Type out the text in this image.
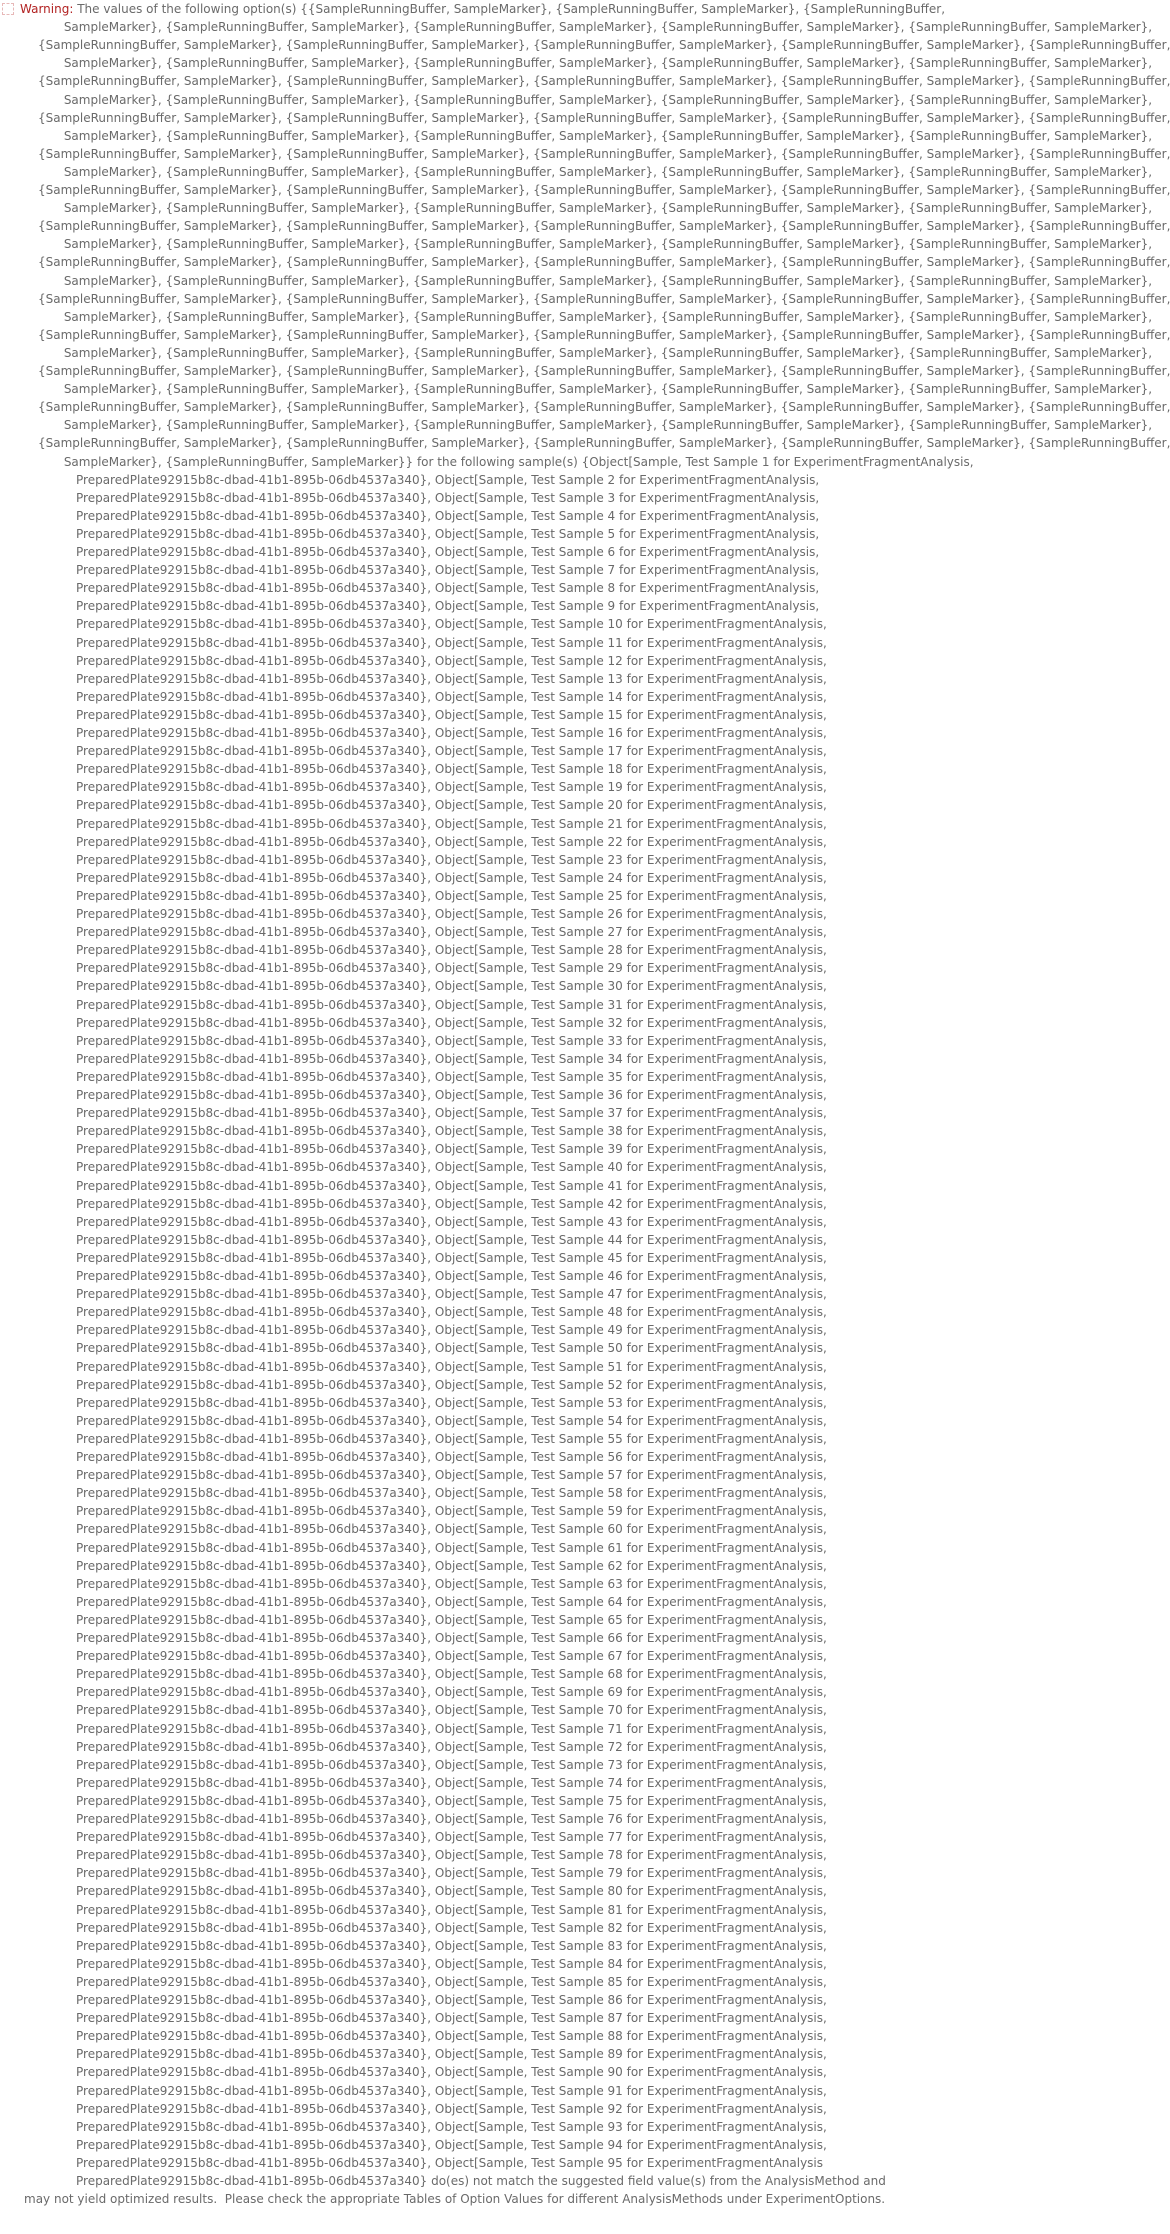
Warning: The values of the following option(s) {{SampleRunningBuffer, SampleMarker}, {SampleRunningBuffer, SampleMarker}, {SampleRunningBuffer,
SampleMarker}, {SampleRunningBuffer, SampleMarker}, {SampleRunningBuffer, SampleMarker}, {SampleRunningBuffer, SampleMarker}, {SampleRunningBuffer, SampleMarker},
{SampleRunningBuffer, SampleMarker}, {SampleRunningBuffer, SampleMarker}, {SampleRunningBuffer, SampleMarker}, {SampleRunningBuffer, SampleMarker}, {SampleRunningBuffer,
SampleMarker}, {SampleRunningBuffer, SampleMarker}, {SampleRunningBuffer, SampleMarker}, {SampleRunningBuffer, SampleMarker}, {SampleRunningBuffer, SampleMarker},
{SampleRunningBuffer, SampleMarker}, {SampleRunningBuffer, SampleMarker}, {SampleRunningBuffer, SampleMarker}, {SampleRunningBuffer, SampleMarker}, {SampleRunningBuffer,
SampleMarker}, {SampleRunningBuffer, SampleMarker}, {SampleRunningBuffer, SampleMarker}, {SampleRunningBuffer, SampleMarker}, {SampleRunningBuffer, SampleMarker},
{SampleRunningBuffer, SampleMarker}, {SampleRunningBuffer, SampleMarker}, {SampleRunningBuffer, SampleMarker}, {SampleRunningBuffer, SampleMarker}, {SampleRunningBuffer,
SampleMarker}, {SampleRunningBuffer, SampleMarker}, {SampleRunningBuffer, SampleMarker}, {SampleRunningBuffer, SampleMarker}, {SampleRunningBuffer, SampleMarker},
{SampleRunningBuffer, SampleMarker}, {SampleRunningBuffer, SampleMarker}, {SampleRunningBuffer, SampleMarker}, {SampleRunningBuffer, SampleMarker}, {SampleRunningBuffer,
SampleMarker}, {SampleRunningBuffer, SampleMarker}, {SampleRunningBuffer, SampleMarker}, {SampleRunningBuffer, SampleMarker}, {SampleRunningBuffer, SampleMarker},
{SampleRunningBuffer, SampleMarker}, {SampleRunningBuffer, SampleMarker}, {SampleRunningBuffer, SampleMarker}, {SampleRunningBuffer, SampleMarker}, {SampleRunningBuffer,
SampleMarker}, {SampleRunningBuffer, SampleMarker}, {SampleRunningBuffer, SampleMarker}, {SampleRunningBuffer, SampleMarker}, {SampleRunningBuffer, SampleMarker},
{SampleRunningBuffer, SampleMarker}, {SampleRunningBuffer, SampleMarker}, {SampleRunningBuffer, SampleMarker}, {SampleRunningBuffer, SampleMarker}, {SampleRunningBuffer,
SampleMarker}, {SampleRunningBuffer, SampleMarker}, {SampleRunningBuffer, SampleMarker}, {SampleRunningBuffer, SampleMarker}, {SampleRunningBuffer, SampleMarker},
{SampleRunningBuffer, SampleMarker}, {SampleRunningBuffer, SampleMarker}, {SampleRunningBuffer, SampleMarker}, {SampleRunningBuffer, SampleMarker}, {SampleRunningBuffer,
SampleMarker}, {SampleRunningBuffer, SampleMarker}, {SampleRunningBuffer, SampleMarker}, {SampleRunningBuffer, SampleMarker}, {SampleRunningBuffer, SampleMarker},
{SampleRunningBuffer, SampleMarker}, {SampleRunningBuffer, SampleMarker}, {SampleRunningBuffer, SampleMarker}, {SampleRunningBuffer, SampleMarker}, {SampleRunningBuffer,
SampleMarker}, {SampleRunningBuffer, SampleMarker}, {SampleRunningBuffer, SampleMarker}, {SampleRunningBuffer, SampleMarker}, {SampleRunningBuffer, SampleMarker},
{SampleRunningBuffer, SampleMarker}, {SampleRunningBuffer, SampleMarker}, {SampleRunningBuffer, SampleMarker}, {SampleRunningBuffer, SampleMarker}, {SampleRunningBuffer,
SampleMarker}, {SampleRunningBuffer, SampleMarker}, {SampleRunningBuffer, SampleMarker}, {SampleRunningBuffer, SampleMarker}, {SampleRunningBuffer, SampleMarker},
{SampleRunningBuffer, SampleMarker}, {SampleRunningBuffer, SampleMarker}, {SampleRunningBuffer, SampleMarker}, {SampleRunningBuffer, SampleMarker}, {SampleRunningBuffer,
SampleMarker}, {SampleRunningBuffer, SampleMarker}, {SampleRunningBuffer, SampleMarker}, {SampleRunningBuffer, SampleMarker}, {SampleRunningBuffer, SampleMarker},
{SampleRunningBuffer, SampleMarker}, {SampleRunningBuffer, SampleMarker}, {SampleRunningBuffer, SampleMarker}, {SampleRunningBuffer, SampleMarker}, {SampleRunningBuffer,
SampleMarker}, {SampleRunningBuffer, SampleMarker}, {SampleRunningBuffer, SampleMarker}, {SampleRunningBuffer, SampleMarker}, {SampleRunningBuffer, SampleMarker},
{SampleRunningBuffer, SampleMarker}, {SampleRunningBuffer, SampleMarker}, {SampleRunningBuffer, SampleMarker}, {SampleRunningBuffer, SampleMarker}, {SampleRunningBuffer,
SampleMarker}, {SampleRunningBuffer, SampleMarker}} for the following sample(s) {Object[Sample, Test Sample 1 for ExperimentFragmentAnalysis,
PreparedPlate92915b8c-dbad-41b1-895b-06db4537a340}, Object[Sample, Test Sample 2 for ExperimentFragmentAnalysis,
PreparedPlate92915b8c-dbad-41b1-895b-06db4537a340}, Object[Sample, Test Sample 3 for ExperimentFragmentAnalysis,
PreparedPlate92915b8c-dbad-41b1-895b-06db4537a340}, Object[Sample, Test Sample 4 for ExperimentFragmentAnalysis,
PreparedPlate92915b8c-dbad-41b1-895b-06db4537a340}, Object[Sample, Test Sample 5 for ExperimentFragmentAnalysis,
PreparedPlate92915b8c-dbad-41b1-895b-06db4537a340}, Object[Sample, Test Sample 6 for ExperimentFragmentAnalysis,
PreparedPlate92915b8c-dbad-41b1-895b-06db4537a340}, Object[Sample, Test Sample 7 for ExperimentFragmentAnalysis,
PreparedPlate92915b8c-dbad-41b1-895b-06db4537a340}, Object[Sample, Test Sample 8 for ExperimentFragmentAnalysis,
PreparedPlate92915b8c-dbad-41b1-895b-06db4537a340}, Object[Sample, Test Sample 9 for ExperimentFragmentAnalysis,
PreparedPlate92915b8c-dbad-41b1-895b-06db4537a340}, Object[Sample, Test Sample 10 for ExperimentFragmentAnalysis,
PreparedPlate92915b8c-dbad-41b1-895b-06db4537a340}, Object[Sample, Test Sample 11 for ExperimentFragmentAnalysis,
PreparedPlate92915b8c-dbad-41b1-895b-06db4537a340}, Object[Sample, Test Sample 12 for ExperimentFragmentAnalysis,
PreparedPlate92915b8c-dbad-41b1-895b-06db4537a340}, Object[Sample, Test Sample 13 for ExperimentFragmentAnalysis,
PreparedPlate92915b8c-dbad-41b1-895b-06db4537a340}, Object[Sample, Test Sample 14 for ExperimentFragmentAnalysis,
PreparedPlate92915b8c-dbad-41b1-895b-06db4537a340}, Object[Sample, Test Sample 15 for ExperimentFragmentAnalysis,
PreparedPlate92915b8c-dbad-41b1-895b-06db4537a340}, Object[Sample, Test Sample 16 for ExperimentFragmentAnalysis,
PreparedPlate92915b8c-dbad-41b1-895b-06db4537a340}, Object[Sample, Test Sample 17 for ExperimentFragmentAnalysis,
PreparedPlate92915b8c-dbad-41b1-895b-06db4537a340}, Object[Sample, Test Sample 18 for ExperimentFragmentAnalysis,
PreparedPlate92915b8c-dbad-41b1-895b-06db4537a340}, Object[Sample, Test Sample 19 for ExperimentFragmentAnalysis,
PreparedPlate92915b8c-dbad-41b1-895b-06db4537a340}, Object[Sample, Test Sample 20 for ExperimentFragmentAnalysis,
PreparedPlate92915b8c-dbad-41b1-895b-06db4537a340}, Object[Sample, Test Sample 21 for ExperimentFragmentAnalysis,
PreparedPlate92915b8c-dbad-41b1-895b-06db4537a340}, Object[Sample, Test Sample 22 for ExperimentFragmentAnalysis,
PreparedPlate92915b8c-dbad-41b1-895b-06db4537a340}, Object[Sample, Test Sample 23 for ExperimentFragmentAnalysis,
PreparedPlate92915b8c-dbad-41b1-895b-06db4537a340}, Object[Sample, Test Sample 24 for ExperimentFragmentAnalysis,
PreparedPlate92915b8c-dbad-41b1-895b-06db4537a340}, Object[Sample, Test Sample 25 for ExperimentFragmentAnalysis,
PreparedPlate92915b8c-dbad-41b1-895b-06db4537a340}, Object[Sample, Test Sample 26 for ExperimentFragmentAnalysis,
PreparedPlate92915b8c-dbad-41b1-895b-06db4537a340}, Object[Sample, Test Sample 27 for ExperimentFragmentAnalysis,
PreparedPlate92915b8c-dbad-41b1-895b-06db4537a340}, Object[Sample, Test Sample 28 for ExperimentFragmentAnalysis,
PreparedPlate92915b8c-dbad-41b1-895b-06db4537a340}, Object[Sample, Test Sample 29 for ExperimentFragmentAnalysis,
PreparedPlate92915b8c-dbad-41b1-895b-06db4537a340}, Object[Sample, Test Sample 30 for ExperimentFragmentAnalysis,
PreparedPlate92915b8c-dbad-41b1-895b-06db4537a340}, Object[Sample, Test Sample 31 for ExperimentFragmentAnalysis,
PreparedPlate92915b8c-dbad-41b1-895b-06db4537a340}, Object[Sample, Test Sample 32 for ExperimentFragmentAnalysis,
PreparedPlate92915b8c-dbad-41b1-895b-06db4537a340}, Object[Sample, Test Sample 33 for ExperimentFragmentAnalysis,
PreparedPlate92915b8c-dbad-41b1-895b-06db4537a340}, Object[Sample, Test Sample 34 for ExperimentFragmentAnalysis,
PreparedPlate92915b8c-dbad-41b1-895b-06db4537a340}, Object[Sample, Test Sample 35 for ExperimentFragmentAnalysis,
PreparedPlate92915b8c-dbad-41b1-895b-06db4537a340}, Object[Sample, Test Sample 36 for ExperimentFragmentAnalysis,
PreparedPlate92915b8c-dbad-41b1-895b-06db4537a340}, Object[Sample, Test Sample 37 for ExperimentFragmentAnalysis,
PreparedPlate92915b8c-dbad-41b1-895b-06db4537a340}, Object[Sample, Test Sample 38 for ExperimentFragmentAnalysis,
PreparedPlate92915b8c-dbad-41b1-895b-06db4537a340}, Object[Sample, Test Sample 39 for ExperimentFragmentAnalysis,
PreparedPlate92915b8c-dbad-41b1-895b-06db4537a340}, Object[Sample, Test Sample 40 for ExperimentFragmentAnalysis,
PreparedPlate92915b8c-dbad-41b1-895b-06db4537a340}, Object[Sample, Test Sample 41 for ExperimentFragmentAnalysis,
PreparedPlate92915b8c-dbad-41b1-895b-06db4537a340}, Object[Sample, Test Sample 42 for ExperimentFragmentAnalysis,
PreparedPlate92915b8c-dbad-41b1-895b-06db4537a340}, Object[Sample, Test Sample 43 for ExperimentFragmentAnalysis,
PreparedPlate92915b8c-dbad-41b1-895b-06db4537a340}, Object[Sample, Test Sample 44 for ExperimentFragmentAnalysis,
PreparedPlate92915b8c-dbad-41b1-895b-06db4537a340}, Object[Sample, Test Sample 45 for ExperimentFragmentAnalysis,
PreparedPlate92915b8c-dbad-41b1-895b-06db4537a340}, Object[Sample, Test Sample 46 for ExperimentFragmentAnalysis,
PreparedPlate92915b8c-dbad-41b1-895b-06db4537a340}, Object[Sample, Test Sample 47 for ExperimentFragmentAnalysis,
PreparedPlate92915b8c-dbad-41b1-895b-06db4537a340}, Object[Sample, Test Sample 48 for ExperimentFragmentAnalysis,
PreparedPlate92915b8c-dbad-41b1-895b-06db4537a340}, Object[Sample, Test Sample 49 for ExperimentFragmentAnalysis,
PreparedPlate92915b8c-dbad-41b1-895b-06db4537a340}, Object[Sample, Test Sample 50 for ExperimentFragmentAnalysis,
PreparedPlate92915b8c-dbad-41b1-895b-06db4537a340}, Object[Sample, Test Sample 51 for ExperimentFragmentAnalysis,
PreparedPlate92915b8c-dbad-41b1-895b-06db4537a340}, Object[Sample, Test Sample 52 for ExperimentFragmentAnalysis,
PreparedPlate92915b8c-dbad-41b1-895b-06db4537a340}, Object[Sample, Test Sample 53 for ExperimentFragmentAnalysis,
PreparedPlate92915b8c-dbad-41b1-895b-06db4537a340}, Object[Sample, Test Sample 54 for ExperimentFragmentAnalysis,
PreparedPlate92915b8c-dbad-41b1-895b-06db4537a340}, Object[Sample, Test Sample 55 for ExperimentFragmentAnalysis,
PreparedPlate92915b8c-dbad-41b1-895b-06db4537a340}, Object[Sample, Test Sample 56 for ExperimentFragmentAnalysis,
PreparedPlate92915b8c-dbad-41b1-895b-06db4537a340}, Object[Sample, Test Sample 57 for ExperimentFragmentAnalysis,
PreparedPlate92915b8c-dbad-41b1-895b-06db4537a340}, Object[Sample, Test Sample 58 for ExperimentFragmentAnalysis,
PreparedPlate92915b8c-dbad-41b1-895b-06db4537a340}, Object[Sample, Test Sample 59 for ExperimentFragmentAnalysis,
PreparedPlate92915b8c-dbad-41b1-895b-06db4537a340}, Object[Sample, Test Sample 60 for ExperimentFragmentAnalysis,
PreparedPlate92915b8c-dbad-41b1-895b-06db4537a340}, Object[Sample, Test Sample 61 for ExperimentFragmentAnalysis,
PreparedPlate92915b8c-dbad-41b1-895b-06db4537a340}, Object[Sample, Test Sample 62 for ExperimentFragmentAnalysis,
PreparedPlate92915b8c-dbad-41b1-895b-06db4537a340}, Object[Sample, Test Sample 63 for ExperimentFragmentAnalysis,
PreparedPlate92915b8c-dbad-41b1-895b-06db4537a340}, Object[Sample, Test Sample 64 for ExperimentFragmentAnalysis,
PreparedPlate92915b8c-dbad-41b1-895b-06db4537a340}, Object[Sample, Test Sample 65 for ExperimentFragmentAnalysis,
PreparedPlate92915b8c-dbad-41b1-895b-06db4537a340}, Object[Sample, Test Sample 66 for ExperimentFragmentAnalysis,
PreparedPlate92915b8c-dbad-41b1-895b-06db4537a340}, Object[Sample, Test Sample 67 for ExperimentFragmentAnalysis,
PreparedPlate92915b8c-dbad-41b1-895b-06db4537a340}, Object[Sample, Test Sample 68 for ExperimentFragmentAnalysis,
PreparedPlate92915b8c-dbad-41b1-895b-06db4537a340}, Object[Sample, Test Sample 69 for ExperimentFragmentAnalysis,
PreparedPlate92915b8c-dbad-41b1-895b-06db4537a340}, Object[Sample, Test Sample 70 for ExperimentFragmentAnalysis,
PreparedPlate92915b8c-dbad-41b1-895b-06db4537a340}, Object[Sample, Test Sample 71 for ExperimentFragmentAnalysis,
PreparedPlate92915b8c-dbad-41b1-895b-06db4537a340}, Object[Sample, Test Sample 72 for ExperimentFragmentAnalysis,
PreparedPlate92915b8c-dbad-41b1-895b-06db4537a340}, Object[Sample, Test Sample 73 for ExperimentFragmentAnalysis,
PreparedPlate92915b8c-dbad-41b1-895b-06db4537a340}, Object[Sample, Test Sample 74 for ExperimentFragmentAnalysis,
PreparedPlate92915b8c-dbad-41b1-895b-06db4537a340}, Object[Sample, Test Sample 75 for ExperimentFragmentAnalysis,
PreparedPlate92915b8c-dbad-41b1-895b-06db4537a340}, Object[Sample, Test Sample 76 for ExperimentFragmentAnalysis,
PreparedPlate92915b8c-dbad-41b1-895b-06db4537a340}, Object[Sample, Test Sample 77 for ExperimentFragmentAnalysis,
PreparedPlate92915b8c-dbad-41b1-895b-06db4537a340}, Object[Sample, Test Sample 78 for ExperimentFragmentAnalysis,
PreparedPlate92915b8c-dbad-41b1-895b-06db4537a340}, Object[Sample, Test Sample 79 for ExperimentFragmentAnalysis,
PreparedPlate92915b8c-dbad-41b1-895b-06db4537a340}, Object[Sample, Test Sample 80 for ExperimentFragmentAnalysis,
PreparedPlate92915b8c-dbad-41b1-895b-06db4537a340}, Object[Sample, Test Sample 81 for ExperimentFragmentAnalysis,
PreparedPlate92915b8c-dbad-41b1-895b-06db4537a340}, Object[Sample, Test Sample 82 for ExperimentFragmentAnalysis,
PreparedPlate92915b8c-dbad-41b1-895b-06db4537a340}, Object[Sample, Test Sample 83 for ExperimentFragmentAnalysis,
PreparedPlate92915b8c-dbad-41b1-895b-06db4537a340}, Object[Sample, Test Sample 84 for ExperimentFragmentAnalysis,
PreparedPlate92915b8c-dbad-41b1-895b-06db4537a340}, Object[Sample, Test Sample 85 for ExperimentFragmentAnalysis,
PreparedPlate92915b8c-dbad-41b1-895b-06db4537a340}, Object[Sample, Test Sample 86 for ExperimentFragmentAnalysis,
PreparedPlate92915b8c-dbad-41b1-895b-06db4537a340}, Object[Sample, Test Sample 87 for ExperimentFragmentAnalysis,
PreparedPlate92915b8c-dbad-41b1-895b-06db4537a340}, Object[Sample, Test Sample 88 for ExperimentFragmentAnalysis,
PreparedPlate92915b8c-dbad-41b1-895b-06db4537a340}, Object[Sample, Test Sample 89 for ExperimentFragmentAnalysis,
PreparedPlate92915b8c-dbad-41b1-895b-06db4537a340}, Object[Sample, Test Sample 90 for ExperimentFragmentAnalysis,
PreparedPlate92915b8c-dbad-41b1-895b-06db4537a340}, Object[Sample, Test Sample 91 for ExperimentFragmentAnalysis,
PreparedPlate92915b8c-dbad-41b1-895b-06db4537a340}, Object[Sample, Test Sample 92 for ExperimentFragmentAnalysis,
PreparedPlate92915b8c-dbad-41b1-895b-06db4537a340}, Object[Sample, Test Sample 93 for ExperimentFragmentAnalysis,
PreparedPlate92915b8c-dbad-41b1-895b-06db4537a340}, Object[Sample, Test Sample 94 for ExperimentFragmentAnalysis,
PreparedPlate92915b8c-dbad-41b1-895b-06db4537a340}, Object[Sample, Test Sample 95 for ExperimentFragmentAnalysis
PreparedPlate92915b8c-dbad-41b1-895b-06db4537a340} do(es) not match the suggested field value(s) from the AnalysisMethod and
may not yield optimized results.  Please check the appropriate Tables of Option Values for different AnalysisMethods under ExperimentOptions.
